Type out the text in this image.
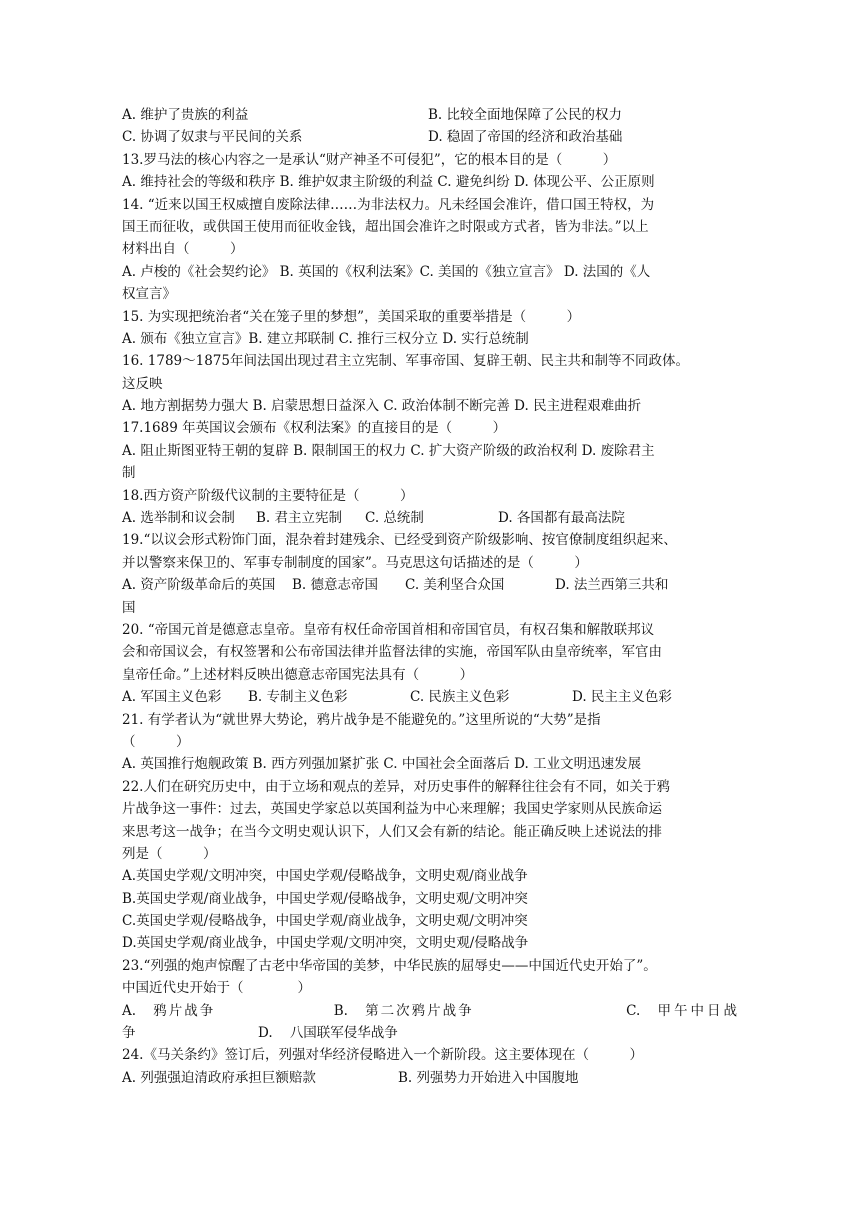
A. 维护了贵族的利益	B. 比较全面地保障了公民的权力
C. 协调了奴隶与平民间的关系	D. 稳固了帝国的经济和政治基础
13.罗马法的核心内容之一是承认“财产神圣不可侵犯”，它的根本目的是（　　　）
A. 维持社会的等级和秩序 B. 维护奴隶主阶级的利益 C. 避免纠纷 D. 体现公平、公正原则
14. “近来以国王权威擅自废除法律……为非法权力。凡未经国会准许，借口国王特权，为
国王而征收，或供国王使用而征收金钱，超出国会准许之时限或方式者，皆为非法。”以上
材料出自（　　　）
A. 卢梭的《社会契约论》 B. 英国的《权利法案》C. 美国的《独立宣言》 D. 法国的《人
权宣言》
15. 为实现把统治者“关在笼子里的梦想”，美国采取的重要举措是（　　　）
A. 颁布《独立宣言》B. 建立邦联制 C. 推行三权分立 D. 实行总统制
16. 1789～1875年间法国出现过君主立宪制、军事帝国、复辟王朝、民主共和制等不同政体。
这反映
A. 地方割据势力强大 B. 启蒙思想日益深入 C. 政治体制不断完善 D. 民主进程艰难曲折
17.1689 年英国议会颁布《权利法案》的直接目的是（　　　）
A. 阻止斯图亚特王朝的复辟 B. 限制国王的权力 C. 扩大资产阶级的政治权利 D. 废除君主
制
18.西方资产阶级代议制的主要特征是（　　　）
A. 选举制和议会制	B. 君主立宪制	C. 总统制	D. 各国都有最高法院
19.“以议会形式粉饰门面，混杂着封建残余、已经受到资产阶级影响、按官僚制度组织起来、
并以警察来保卫的、军事专制制度的国家”。马克思这句话描述的是（　　　）
A. 资产阶级革命后的英国	B. 德意志帝国	C. 美利坚合众国	D. 法兰西第三共和
国
20. “帝国元首是德意志皇帝。皇帝有权任命帝国首相和帝国官员，有权召集和解散联邦议
会和帝国议会，有权签署和公布帝国法律并监督法律的实施，帝国军队由皇帝统率，军官由
皇帝任命。”上述材料反映出德意志帝国宪法具有（　　　）
A. 军国主义色彩	B. 专制主义色彩	C. 民族主义色彩	D. 民主主义色彩
21. 有学者认为“就世界大势论，鸦片战争是不能避免的。”这里所说的“大势”是指
（　　　）
A. 英国推行炮舰政策 B. 西方列强加紧扩张 C. 中国社会全面落后 D. 工业文明迅速发展
22.人们在研究历史中，由于立场和观点的差异，对历史事件的解释往往会有不同，如关于鸦
片战争这一事件：过去，英国史学家总以英国利益为中心来理解；我国史学家则从民族命运
来思考这一战争；在当今文明史观认识下，人们又会有新的结论。能正确反映上述说法的排
列是（　　　）
A.英国史学观/文明冲突，中国史学观/侵略战争，文明史观/商业战争
B.英国史学观/商业战争，中国史学观/侵略战争，文明史观/文明冲突
C.英国史学观/侵略战争，中国史学观/商业战争，文明史观/文明冲突
D.英国史学观/商业战争，中国史学观/文明冲突，文明史观/侵略战争
23.“列强的炮声惊醒了古老中华帝国的美梦，中华民族的屈辱史——中国近代史开始了”。
中国近代史开始于（　　　　）
A. 鸦片战争	B. 第二次鸦片战争	C. 甲午中日战
争	D. 八国联军侵华战争
24.《马关条约》签订后，列强对华经济侵略进入一个新阶段。这主要体现在（　　　）
A. 列强强迫清政府承担巨额赔款	B. 列强势力开始进入中国腹地
